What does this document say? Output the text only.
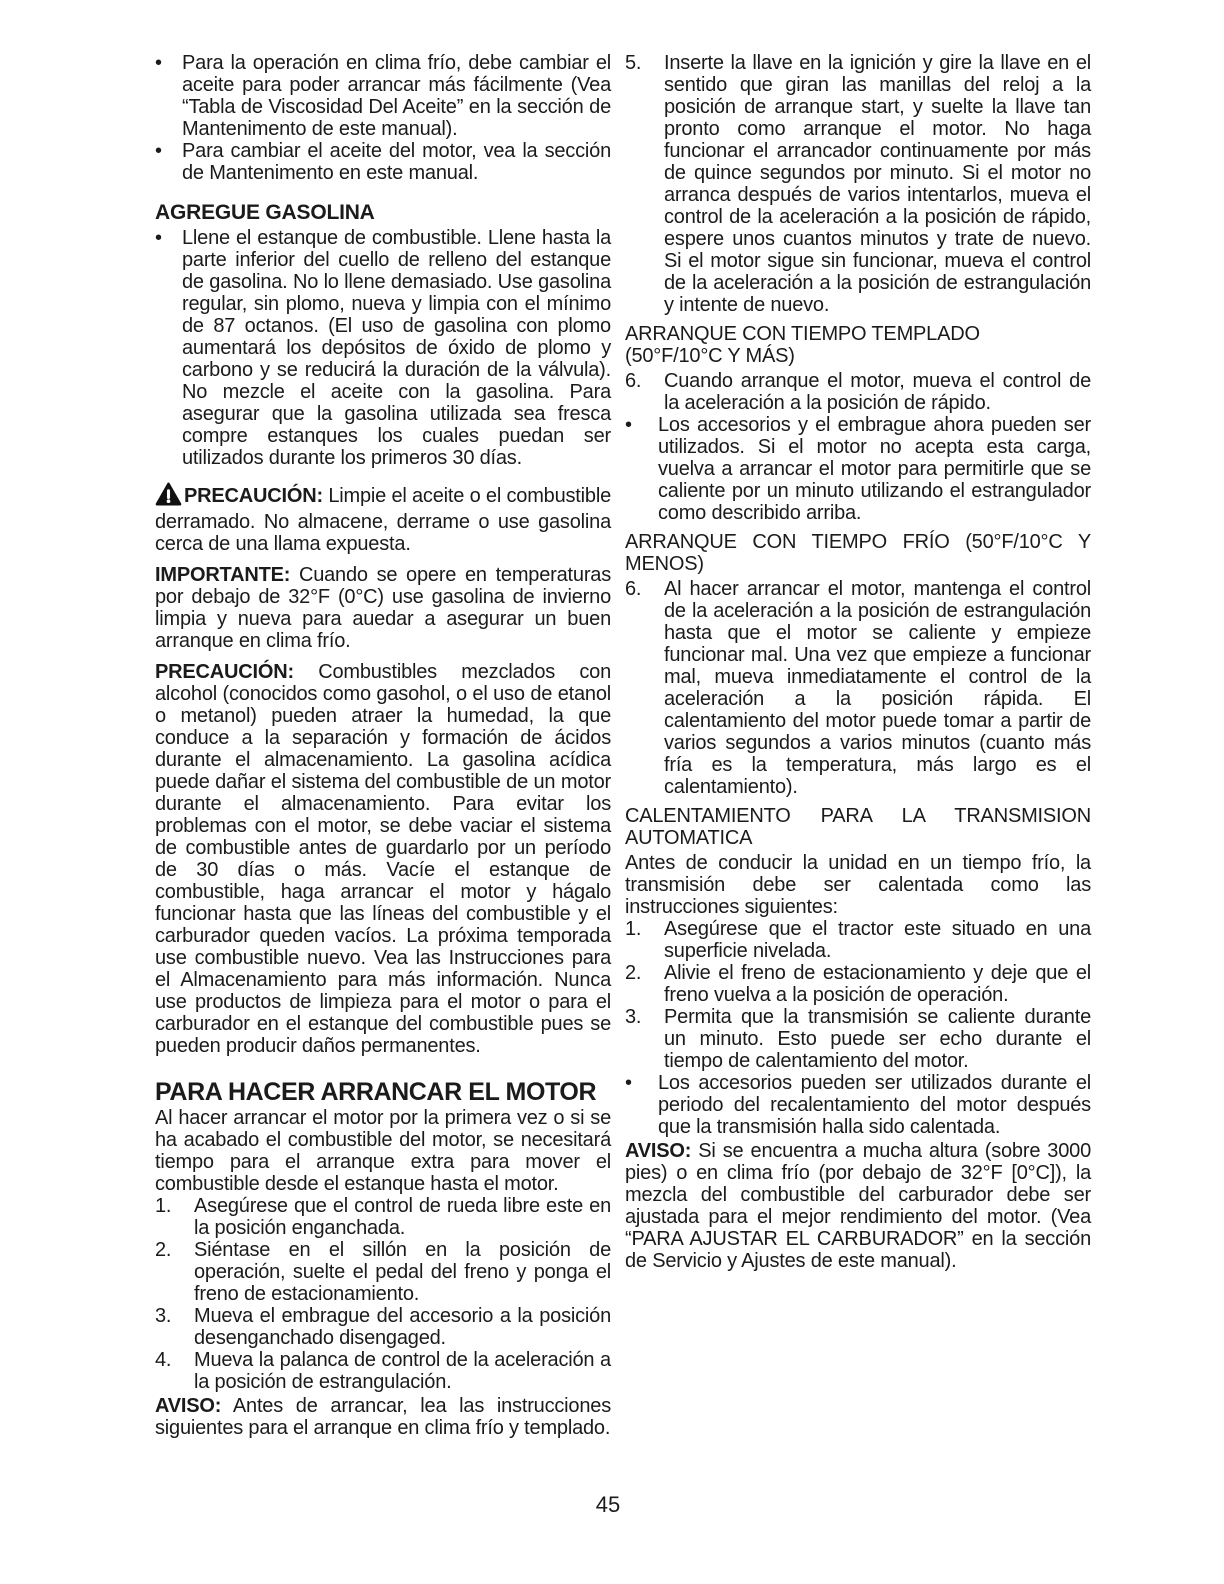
•	Para la operación en clima frío, debe cambiar el aceite para poder arrancar más fácilmente (Vea “Tabla de Viscosidad Del Aceite” en la sección de Mantenimento de este manual).
•	Para cambiar el aceite del motor, vea la sección de Mantenimento en este manual.
AGREGUE GASOLINA
•	Llene el estanque de combustible. Llene hasta la parte inferior del cuello de relleno del estanque de gasolina. No lo llene demasiado. Use gasolina regular, sin plomo, nueva y limpia con el mínimo de 87 octanos. (El uso de gasolina con plomo aumentará los depósitos de óxido de plomo y carbono y se reducirá la duración de la válvula). No mezcle el aceite con la gasolina. Para asegurar que la gasolina utilizada sea fresca compre estanques los cuales puedan ser utilizados durante los primeros 30 días.

PRECAUCIÓN: Limpie el aceite o el combustible derramado. No almacene, derrame o use gasolina cerca de una llama expuesta.

IMPORTANTE: Cuando se opere en temperaturas por debajo de 32°F (0°C) use gasolina de invierno limpia y nueva para auedar a asegurar un buen arranque en clima frío.

PRECAUCIÓN: Combustibles mezclados con alcohol (conocidos como gasohol, o el uso de etanol o metanol) pueden atraer la humedad, la que conduce a la separación y formación de ácidos durante el almacenamiento. La gasolina acídica puede dañar el sistema del combustible de un motor durante el almacenamiento. Para evitar los problemas con el motor, se debe vaciar el sistema de combustible antes de guardarlo por un período de 30 días o más. Vacíe el estanque de combustible, haga arrancar el motor y hágalo funcionar hasta que las líneas del combustible y el carburador queden vacíos. La próxima temporada use combustible nuevo. Vea las Instrucciones para el Almacenamiento para más información. Nunca use productos de limpieza para el motor o para el carburador en el estanque del combustible pues se pueden producir daños permanentes.

PARA HACER ARRANCAR EL MOTOR

Al hacer arrancar el motor por la primera vez o si se ha acabado el combustible del motor, se necesitará tiempo para el arranque extra para mover el combustible desde el estanque hasta el motor.

1.	Asegúrese que el control de rueda libre este en la posición enganchada.
2.	Siéntase en el sillón en la posición de operación, suelte el pedal del freno y ponga el freno de estacionamiento.
3.	Mueva el embrague del accesorio a la posición desenganchado disengaged.
4.	Mueva la palanca de control de la aceleración a la posición de estrangulación.

AVISO: Antes de arrancar, lea las instrucciones siguientes para el arranque en clima frío y templado.

5.	Inserte la llave en la ignición y gire la llave en el sentido que giran las manillas del reloj a la posición de arranque start, y suelte la llave tan pronto como arranque el motor. No haga funcionar el arrancador continuamente por más de quince segundos por minuto. Si el motor no arranca después de varios intentarlos, mueva el control de la aceleración a la posición de rápido, espere unos cuantos minutos y trate de nuevo. Si el motor sigue sin funcionar, mueva el control de la aceleración a la posición de estrangulación y intente de nuevo.
ARRANQUE CON TIEMPO TEMPLADO
(50°F/10°C Y MÁS)
6.	Cuando arranque el motor, mueva el control de la aceleración a la posición de rápido.
•	Los accesorios y el embrague ahora pueden ser utilizados. Si el motor no acepta esta carga, vuelva a arrancar el motor para permitirle que se caliente por un minuto utilizando el estrangulador como describido arriba.
ARRANQUE CON TIEMPO FRÍO (50°F/10°C Y MENOS)
6.	Al hacer arrancar el motor, mantenga el control de la aceleración a la posición de estrangulación hasta que el motor se caliente y empieze funcionar mal. Una vez que empieze a funcionar mal, mueva inmediatamente el control de la aceleración a la posición rápida. El calentamiento del motor puede tomar a partir de varios segundos a varios minutos (cuanto más fría es la temperatura, más largo es el calentamiento).
CALENTAMIENTO PARA LA TRANSMISION AUTOMATICA

Antes de conducir la unidad en un tiempo frío, la transmisión debe ser calentada como las instrucciones siguientes:

1.	Asegúrese que el tractor este situado en una superficie nivelada.
2.	Alivie el freno de estacionamiento y deje que el freno vuelva a la posición de operación.
3.	Permita que la transmisión se caliente durante un minuto. Esto puede ser echo durante el tiempo de calentamiento del motor.
•	Los accesorios pueden ser utilizados durante el periodo del recalentamiento del motor después que la transmisión halla sido calentada.

AVISO: Si se encuentra a mucha altura (sobre 3000 pies) o en clima frío (por debajo de 32°F [0°C]), la mezcla del combustible del carburador debe ser ajustada para el mejor rendimiento del motor. (Vea “PARA AJUSTAR EL CARBURADOR” en la sección de Servicio y Ajustes de este manual).

45
